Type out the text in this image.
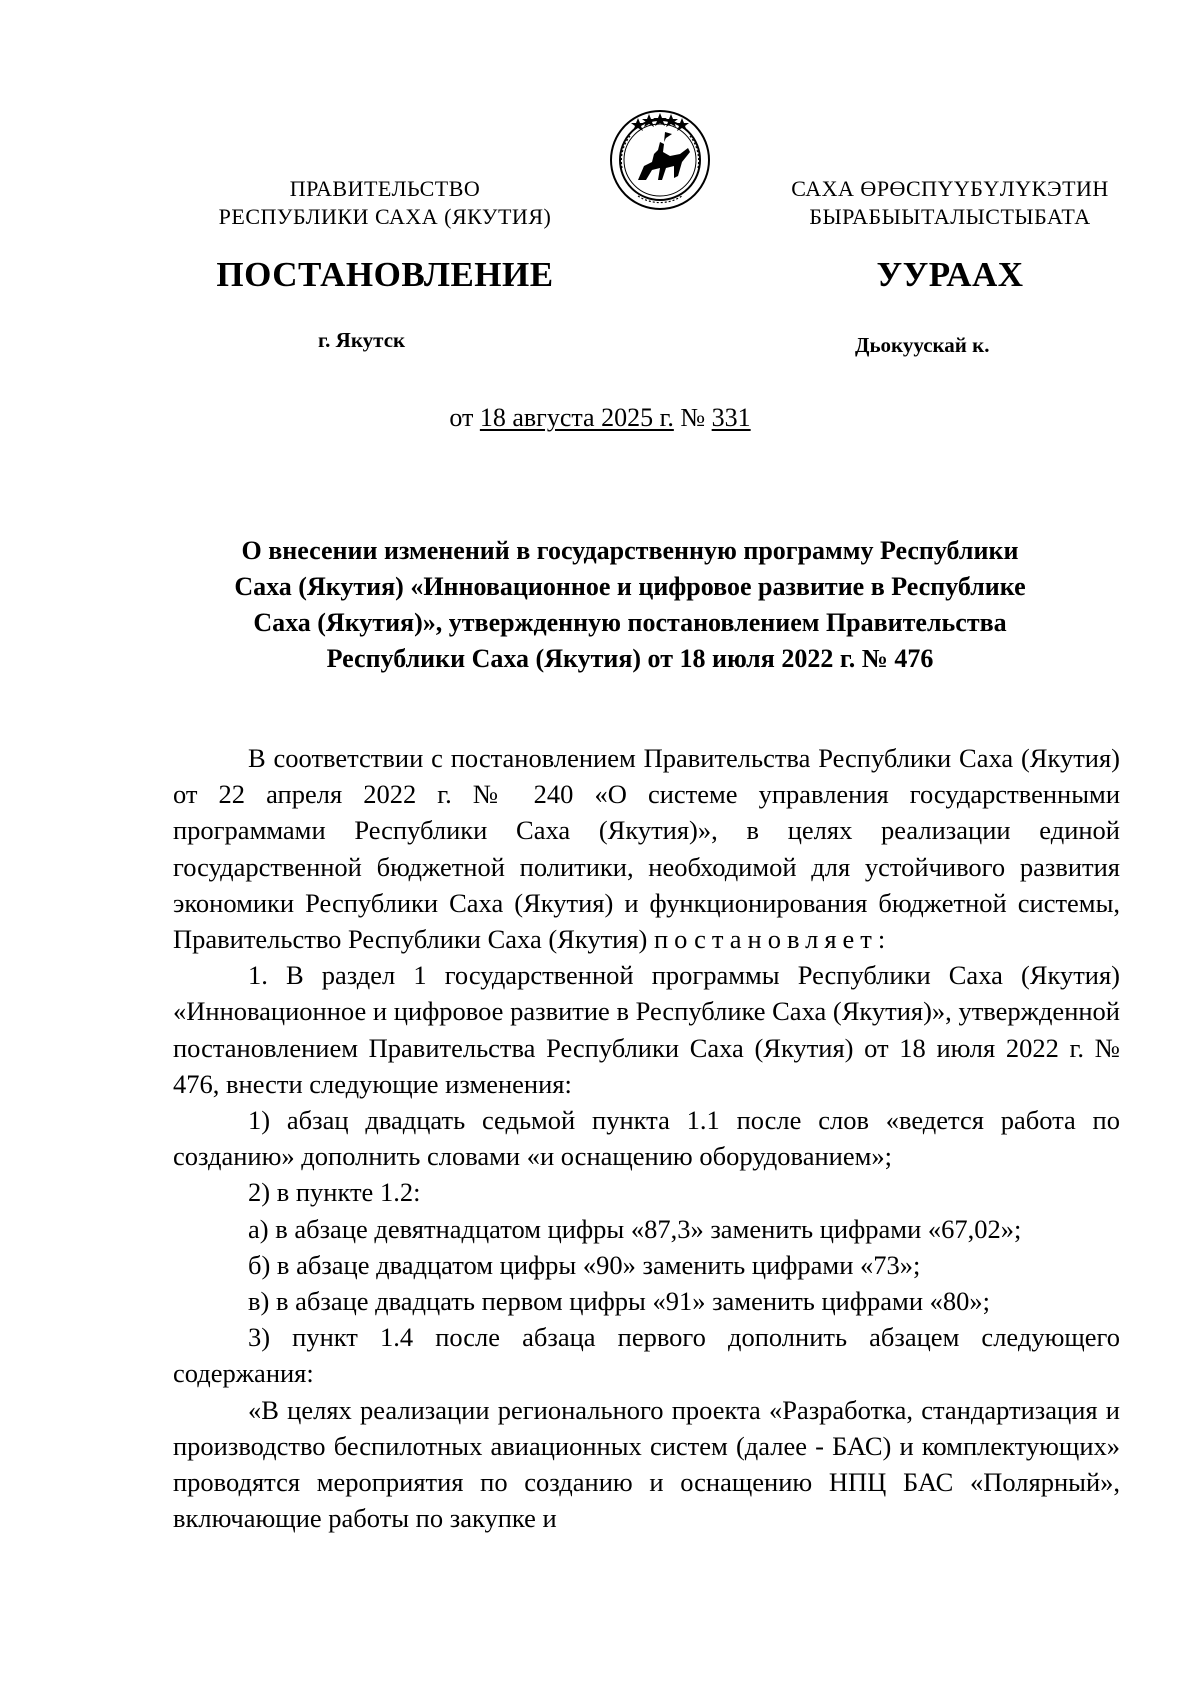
ПРАВИТЕЛЬСТВО
РЕСПУБЛИКИ САХА (ЯКУТИЯ)
САХА ӨРӨСПҮҮБҮЛҮКЭТИН
БЫРАБЫЫТАЛЫСТЫБАТА
ПОСТАНОВЛЕНИЕ	УУРААХ
г. Якутск	Дьокуускай к.
от 18 августа 2025 г. № 331
О внесении изменений в государственную программу Республики
Саха (Якутия) «Инновационное и цифровое развитие в Республике
Саха (Якутия)», утвержденную постановлением Правительства
Республики Саха (Якутия) от 18 июля 2022 г. № 476

В соответствии с постановлением Правительства Республики Саха (Якутия) от 22 апреля 2022 г. № 240 «О системе управления государственными программами Республики Саха (Якутия)», в целях реализации единой государственной бюджетной политики, необходимой для устойчивого развития экономики Республики Саха (Якутия) и функционирования бюджетной системы, Правительство Республики Саха (Якутия) постановляет:

1. В раздел 1 государственной программы Республики Саха (Якутия) «Инновационное и цифровое развитие в Республике Саха (Якутия)», утвержденной постановлением Правительства Республики Саха (Якутия) от 18 июля 2022 г. № 476, внести следующие изменения:

1) абзац двадцать седьмой пункта 1.1 после слов «ведется работа по созданию» дополнить словами «и оснащению оборудованием»;

2) в пункте 1.2:

а) в абзаце девятнадцатом цифры «87,3» заменить цифрами «67,02»;

б) в абзаце двадцатом цифры «90» заменить цифрами «73»;

в) в абзаце двадцать первом цифры «91» заменить цифрами «80»;

3) пункт 1.4 после абзаца первого дополнить абзацем следующего содержания:

«В целях реализации регионального проекта «Разработка, стандартизация и производство беспилотных авиационных систем (далее - БАС) и комплектующих» проводятся мероприятия по созданию и оснащению НПЦ БАС «Полярный», включающие работы по закупке и
